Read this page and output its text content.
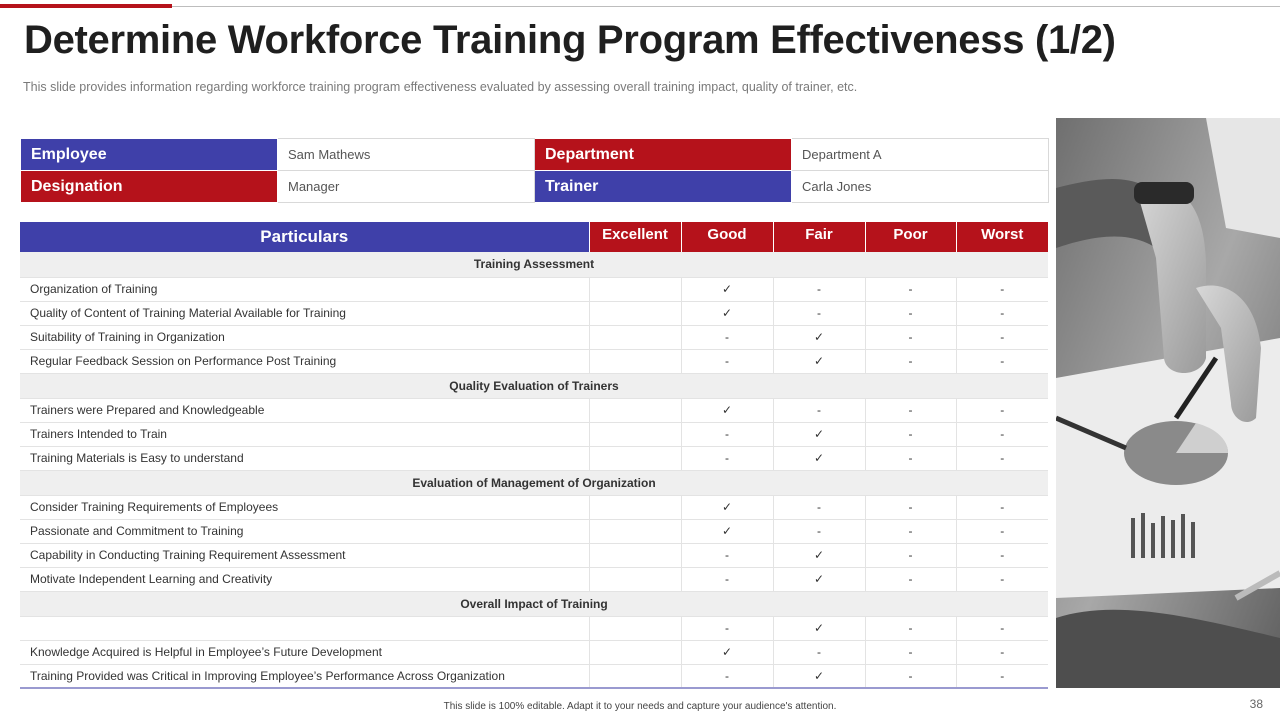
Determine Workforce Training Program Effectiveness (1/2)

This slide provides information regarding workforce training program effectiveness evaluated by assessing overall training impact, quality of trainer, etc.

Employee	Sam Mathews	Department	Department A
Designation	Manager	Trainer	Carla Jones
Particulars	Excellent	Good	Fair	Poor	Worst
Training Assessment					
Organization of Training		✓	-	-	-
Quality of Content of Training Material Available for Training		✓	-	-	-
Suitability of Training in Organization		-	✓	-	-
Regular Feedback Session on Performance Post Training		-	✓	-	-
Quality Evaluation of Trainers					
Trainers were Prepared and Knowledgeable		✓	-	-	-
Trainers Intended to Train		-	✓	-	-
Training Materials is Easy to understand		-	✓	-	-
Evaluation of Management of Organization					
Consider Training Requirements of Employees		✓	-	-	-
Passionate and Commitment to Training		✓	-	-	-
Capability in Conducting Training Requirement Assessment		-	✓	-	-
Motivate Independent Learning and Creativity		-	✓	-	-
Overall Impact of Training					
		-	✓	-	-
Knowledge Acquired is Helpful in Employee’s Future Development		✓	-	-	-
Training Provided was Critical in Improving Employee’s Performance Across Organization		-	✓	-	-
This slide is 100% editable. Adapt it to your needs and capture your audience's attention.	38
